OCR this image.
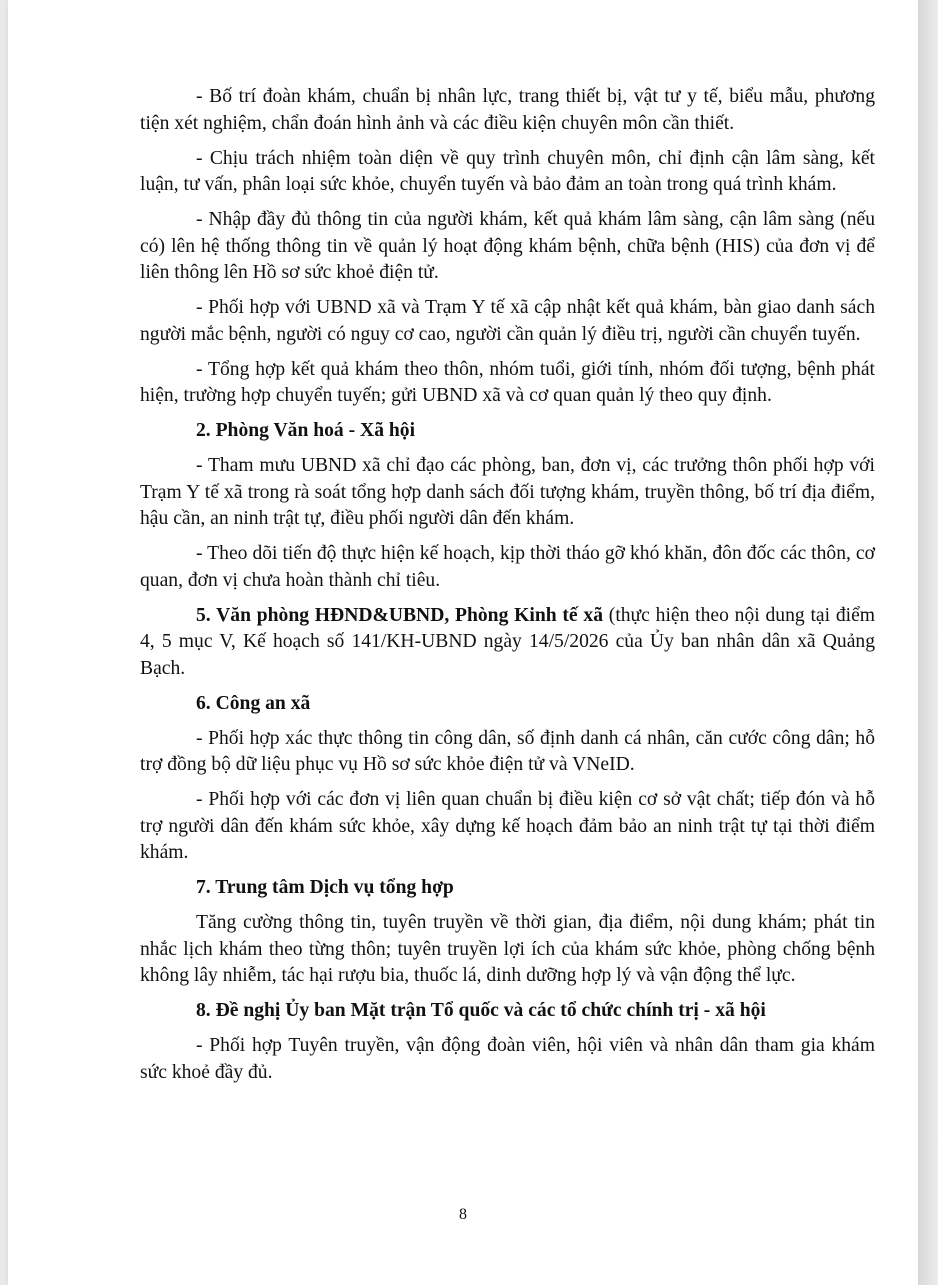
- Bố trí đoàn khám, chuẩn bị nhân lực, trang thiết bị, vật tư y tế, biểu mẫu, phương tiện xét nghiệm, chẩn đoán hình ảnh và các điều kiện chuyên môn cần thiết.

- Chịu trách nhiệm toàn diện về quy trình chuyên môn, chỉ định cận lâm sàng, kết luận, tư vấn, phân loại sức khỏe, chuyển tuyến và bảo đảm an toàn trong quá trình khám.

- Nhập đầy đủ thông tin của người khám, kết quả khám lâm sàng, cận lâm sàng (nếu có) lên hệ thống thông tin về quản lý hoạt động khám bệnh, chữa bệnh (HIS) của đơn vị để liên thông lên Hồ sơ sức khoẻ điện tử.

- Phối hợp với UBND xã và Trạm Y tế xã cập nhật kết quả khám, bàn giao danh sách người mắc bệnh, người có nguy cơ cao, người cần quản lý điều trị, người cần chuyển tuyến.

- Tổng hợp kết quả khám theo thôn, nhóm tuổi, giới tính, nhóm đối tượng, bệnh phát hiện, trường hợp chuyển tuyến; gửi UBND xã và cơ quan quản lý theo quy định.

2. Phòng Văn hoá - Xã hội

- Tham mưu UBND xã chỉ đạo các phòng, ban, đơn vị, các trưởng thôn phối hợp với Trạm Y tế xã trong rà soát tổng hợp danh sách đối tượng khám, truyền thông, bố trí địa điểm, hậu cần, an ninh trật tự, điều phối người dân đến khám.

- Theo dõi tiến độ thực hiện kế hoạch, kịp thời tháo gỡ khó khăn, đôn đốc các thôn, cơ quan, đơn vị chưa hoàn thành chỉ tiêu.

5. Văn phòng HĐND&UBND, Phòng Kinh tế xã (thực hiện theo nội dung tại điểm 4, 5 mục V, Kế hoạch số 141/KH-UBND ngày 14/5/2026 của Ủy ban nhân dân xã Quảng Bạch.

6. Công an xã

- Phối hợp xác thực thông tin công dân, số định danh cá nhân, căn cước công dân; hỗ trợ đồng bộ dữ liệu phục vụ Hồ sơ sức khỏe điện tử và VNeID.

- Phối hợp với các đơn vị liên quan chuẩn bị điều kiện cơ sở vật chất; tiếp đón và hỗ trợ người dân đến khám sức khỏe, xây dựng kế hoạch đảm bảo an ninh trật tự tại thời điểm khám.

7. Trung tâm Dịch vụ tổng hợp

Tăng cường thông tin, tuyên truyền về thời gian, địa điểm, nội dung khám; phát tin nhắc lịch khám theo từng thôn; tuyên truyền lợi ích của khám sức khỏe, phòng chống bệnh không lây nhiễm, tác hại rượu bia, thuốc lá, dinh dưỡng hợp lý và vận động thể lực.

8. Đề nghị Ủy ban Mặt trận Tổ quốc và các tổ chức chính trị - xã hội

- Phối hợp Tuyên truyền, vận động đoàn viên, hội viên và nhân dân tham gia khám sức khoẻ đầy đủ.

8
